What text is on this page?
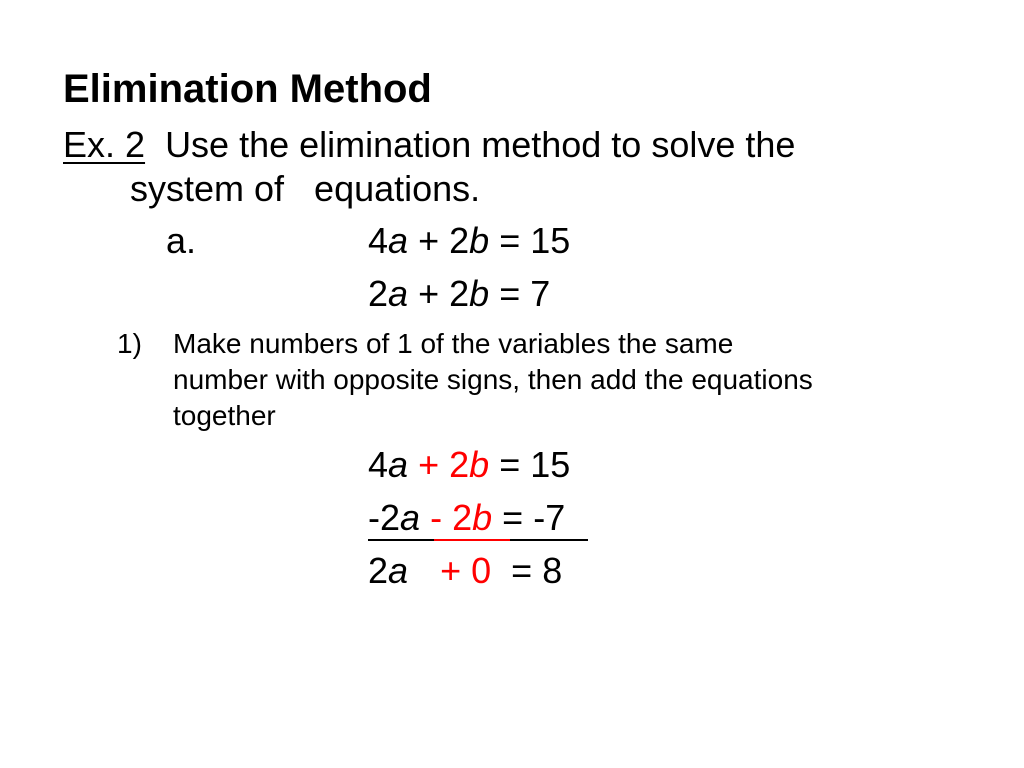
Elimination Method
Ex. 2 Use the elimination method to solve the
system of   equations.
a.	4a + 2b = 15
2a + 2b = 7
1) Make numbers of 1 of the variables the same
number with opposite signs, then add the equations
together
4a + 2b = 15
-2a - 2b = -7
2a + 0 = 8
